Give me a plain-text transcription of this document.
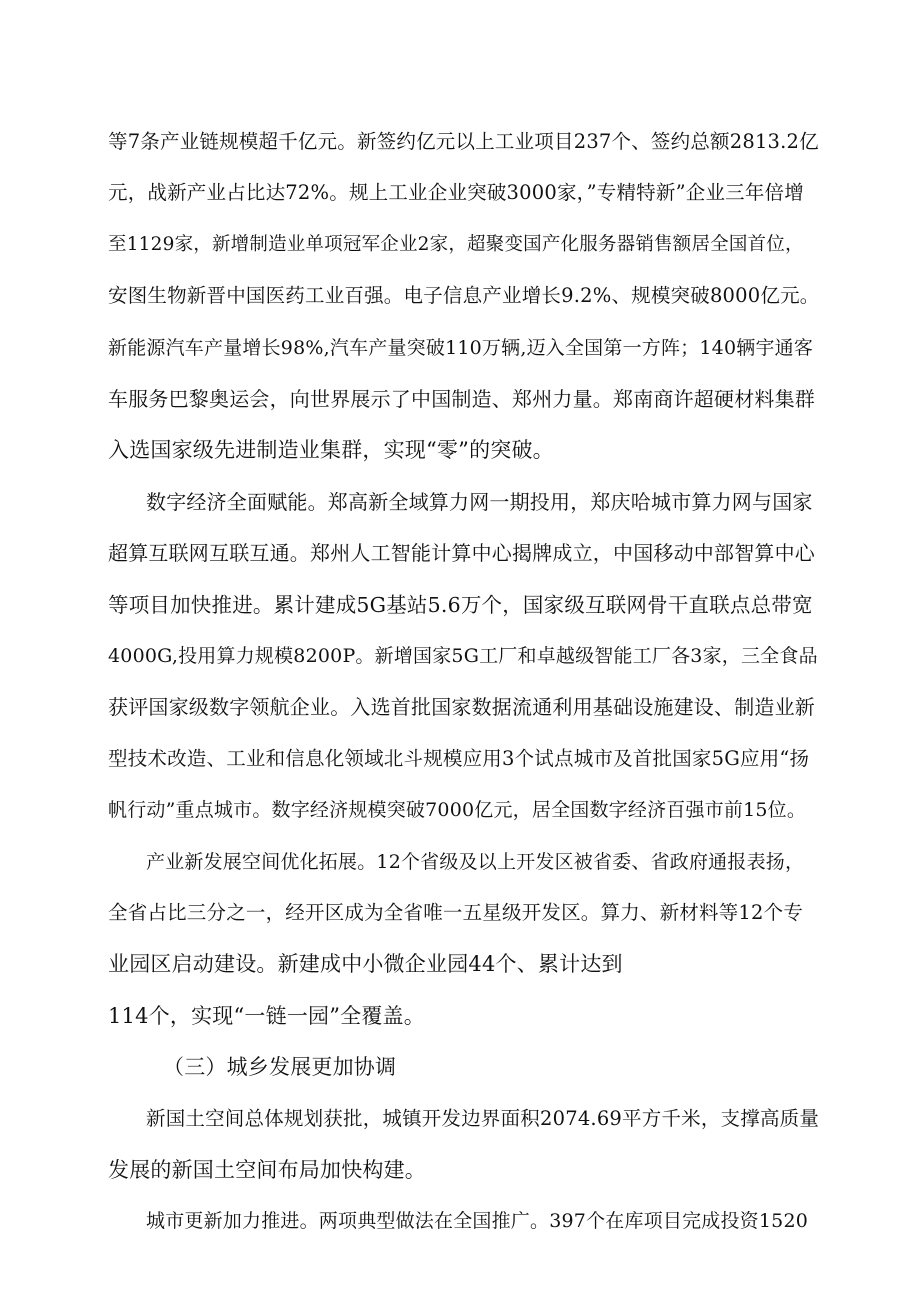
等7条产业链规模超千亿元。新签约亿元以上工业项目237个、签约总额2813.2亿
元，战新产业占比达72%。规上工业企业突破3000家，”专精特新”企业三年倍增
至1129家，新增制造业单项冠军企业2家，超聚变国产化服务器销售额居全国首位，
安图生物新晋中国医药工业百强。电子信息产业增长9.2%、规模突破8000亿元。
新能源汽车产量增长98%,汽车产量突破110万辆,迈入全国第一方阵；140辆宇通客
车服务巴黎奥运会，向世界展示了中国制造、郑州力量。郑南商许超硬材料集群
入选国家级先进制造业集群，实现“零”的突破。
数字经济全面赋能。郑高新全域算力网一期投用，郑庆哈城市算力网与国家
超算互联网互联互通。郑州人工智能计算中心揭牌成立，中国移动中部智算中心
等项目加快推进。累计建成5G基站5.6万个，国家级互联网骨干直联点总带宽
4000G,投用算力规模8200P。新增国家5G工厂和卓越级智能工厂各3家，三全食品
获评国家级数字领航企业。入选首批国家数据流通利用基础设施建设、制造业新
型技术改造、工业和信息化领域北斗规模应用3个试点城市及首批国家5G应用“扬
帆行动”重点城市。数字经济规模突破7000亿元，居全国数字经济百强市前15位。
产业新发展空间优化拓展。12个省级及以上开发区被省委、省政府通报表扬，
全省占比三分之一，经开区成为全省唯一五星级开发区。算力、新材料等12个专
业园区启动建设。新建成中小微企业园44个、累计达到
114个，实现“一链一园”全覆盖。
（三）城乡发展更加协调
新国土空间总体规划获批，城镇开发边界面积2074.69平方千米，支撑高质量
发展的新国土空间布局加快构建。
城市更新加力推进。两项典型做法在全国推广。397个在库项目完成投资1520
